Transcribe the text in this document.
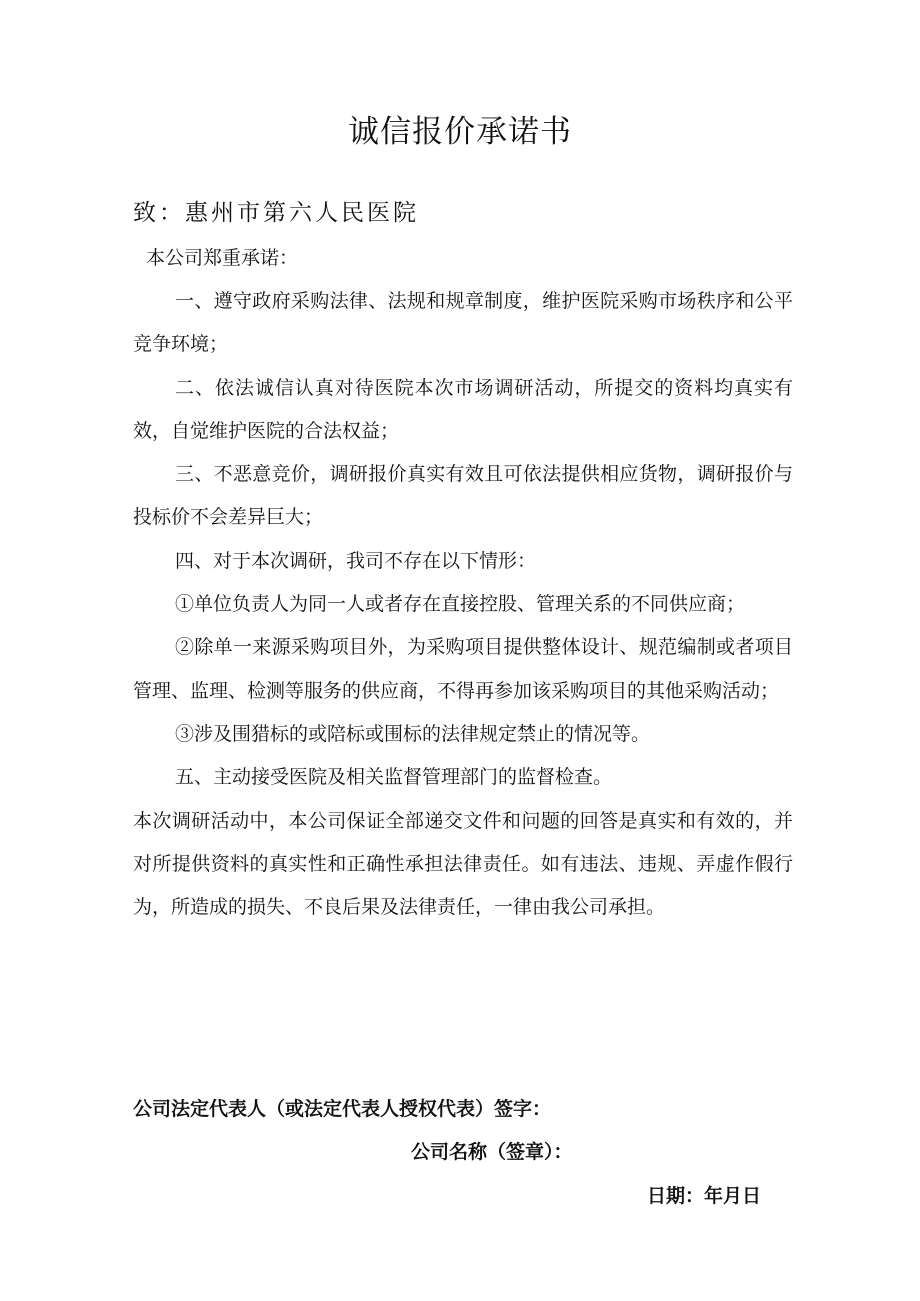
诚信报价承诺书
致：惠州市第六人民医院
本公司郑重承诺：

一、遵守政府采购法律、法规和规章制度，维护医院采购市场秩序和公平竞争环境；

二、依法诚信认真对待医院本次市场调研活动，所提交的资料均真实有效，自觉维护医院的合法权益；

三、不恶意竞价，调研报价真实有效且可依法提供相应货物，调研报价与投标价不会差异巨大；

四、对于本次调研，我司不存在以下情形：

①单位负责人为同一人或者存在直接控股、管理关系的不同供应商；

②除单一来源采购项目外，为采购项目提供整体设计、规范编制或者项目管理、监理、检测等服务的供应商，不得再参加该采购项目的其他采购活动；

③涉及围猎标的或陪标或围标的法律规定禁止的情况等。

五、主动接受医院及相关监督管理部门的监督检查。

本次调研活动中，本公司保证全部递交文件和问题的回答是真实和有效的，并对所提供资料的真实性和正确性承担法律责任。如有违法、违规、弄虚作假行为，所造成的损失、不良后果及法律责任，一律由我公司承担。

公司法定代表人（或法定代表人授权代表）签字：
公司名称（签章）：
日期：年月日
